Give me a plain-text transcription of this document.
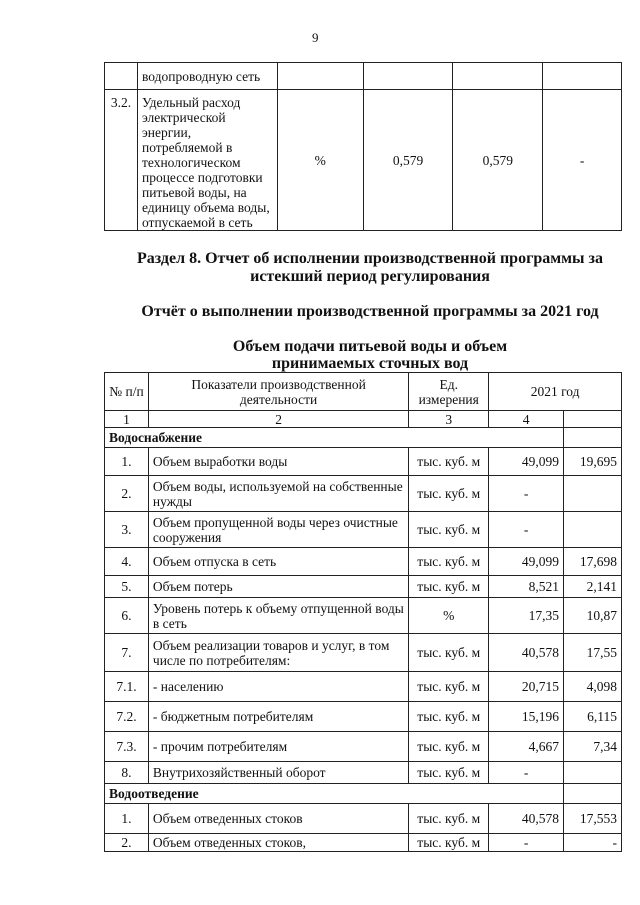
9
	водопроводную сеть				
3.2.	Удельный расход электрической энергии, потребляемой в технологическом процессе подготовки питьевой воды, на единицу объема воды, отпускаемой в сеть	%	0,579	0,579	-
Раздел 8. Отчет об исполнении производственной программы за
истекший период регулирования
Отчёт о выполнении производственной программы за 2021 год
Объем подачи питьевой воды и объем
принимаемых сточных вод
№ п/п	Показатели производственной деятельности	Ед. измерения	2021 год	
1	2	3	4	
Водоснабжение				
1.	Объем выработки воды	тыс. куб. м	49,099	19,695
2.	Объем воды, используемой на собственные нужды	тыс. куб. м	-	
3.	Объем пропущенной воды через очистные сооружения	тыс. куб. м	-	
4.	Объем отпуска в сеть	тыс. куб. м	49,099	17,698
5.	Объем потерь	тыс. куб. м	8,521	2,141
6.	Уровень потерь к объему отпущенной воды в сеть	%	17,35	10,87
7.	Объем реализации товаров и услуг, в том числе по потребителям:	тыс. куб. м	40,578	17,55
7.1.	- населению	тыс. куб. м	20,715	4,098
7.2.	- бюджетным потребителям	тыс. куб. м	15,196	6,115
7.3.	- прочим потребителям	тыс. куб. м	4,667	7,34
8.	Внутрихозяйственный оборот	тыс. куб. м	-	
Водоотведение				
1.	Объем отведенных стоков	тыс. куб. м	40,578	17,553
2.	Объем отведенных стоков,	тыс. куб. м	-	-
